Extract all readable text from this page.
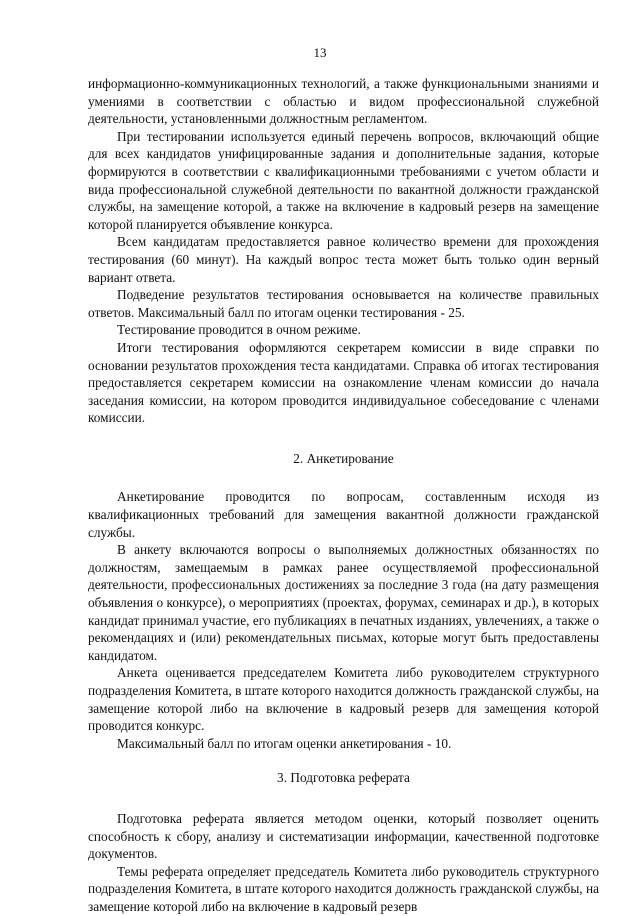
13

информационно-коммуникационных технологий, а также функциональными знаниями и умениями в соответствии с областью и видом профессиональной служебной деятельности, установленными должностным регламентом.

При тестировании используется единый перечень вопросов, включающий общие для всех кандидатов унифицированные задания и дополнительные задания, которые формируются в соответствии с квалификационными требованиями с учетом области и вида профессиональной служебной деятельности по вакантной должности гражданской службы, на замещение которой, а также на включение в кадровый резерв на замещение которой планируется объявление конкурса.

Всем кандидатам предоставляется равное количество времени для прохождения тестирования (60 минут). На каждый вопрос теста может быть только один верный вариант ответа.

Подведение результатов тестирования основывается на количестве правильных ответов. Максимальный балл по итогам оценки тестирования - 25.

Тестирование проводится в очном режиме.

Итоги тестирования оформляются секретарем комиссии в виде справки по основании результатов прохождения теста кандидатами. Справка об итогах тестирования предоставляется секретарем комиссии на ознакомление членам комиссии до начала заседания комиссии, на котором проводится индивидуальное собеседование с членами комиссии.

2. Анкетирование

Анкетирование проводится по вопросам, составленным исходя из квалификационных требований для замещения вакантной должности гражданской службы.

В анкету включаются вопросы о выполняемых должностных обязанностях по должностям, замещаемым в рамках ранее осуществляемой профессиональной деятельности, профессиональных достижениях за последние 3 года (на дату размещения объявления о конкурсе), о мероприятиях (проектах, форумах, семинарах и др.), в которых кандидат принимал участие, его публикациях в печатных изданиях, увлечениях, а также о рекомендациях и (или) рекомендательных письмах, которые могут быть предоставлены кандидатом.

Анкета оценивается председателем Комитета либо руководителем структурного подразделения Комитета, в штате которого находится должность гражданской службы, на замещение которой либо на включение в кадровый резерв для замещения которой проводится конкурс.

Максимальный балл по итогам оценки анкетирования - 10.

3. Подготовка реферата

Подготовка реферата является методом оценки, который позволяет оценить способность к сбору, анализу и систематизации информации, качественной подготовке документов.

Темы реферата определяет председатель Комитета либо руководитель структурного подразделения Комитета, в штате которого находится должность гражданской службы, на замещение которой либо на включение в кадровый резерв
